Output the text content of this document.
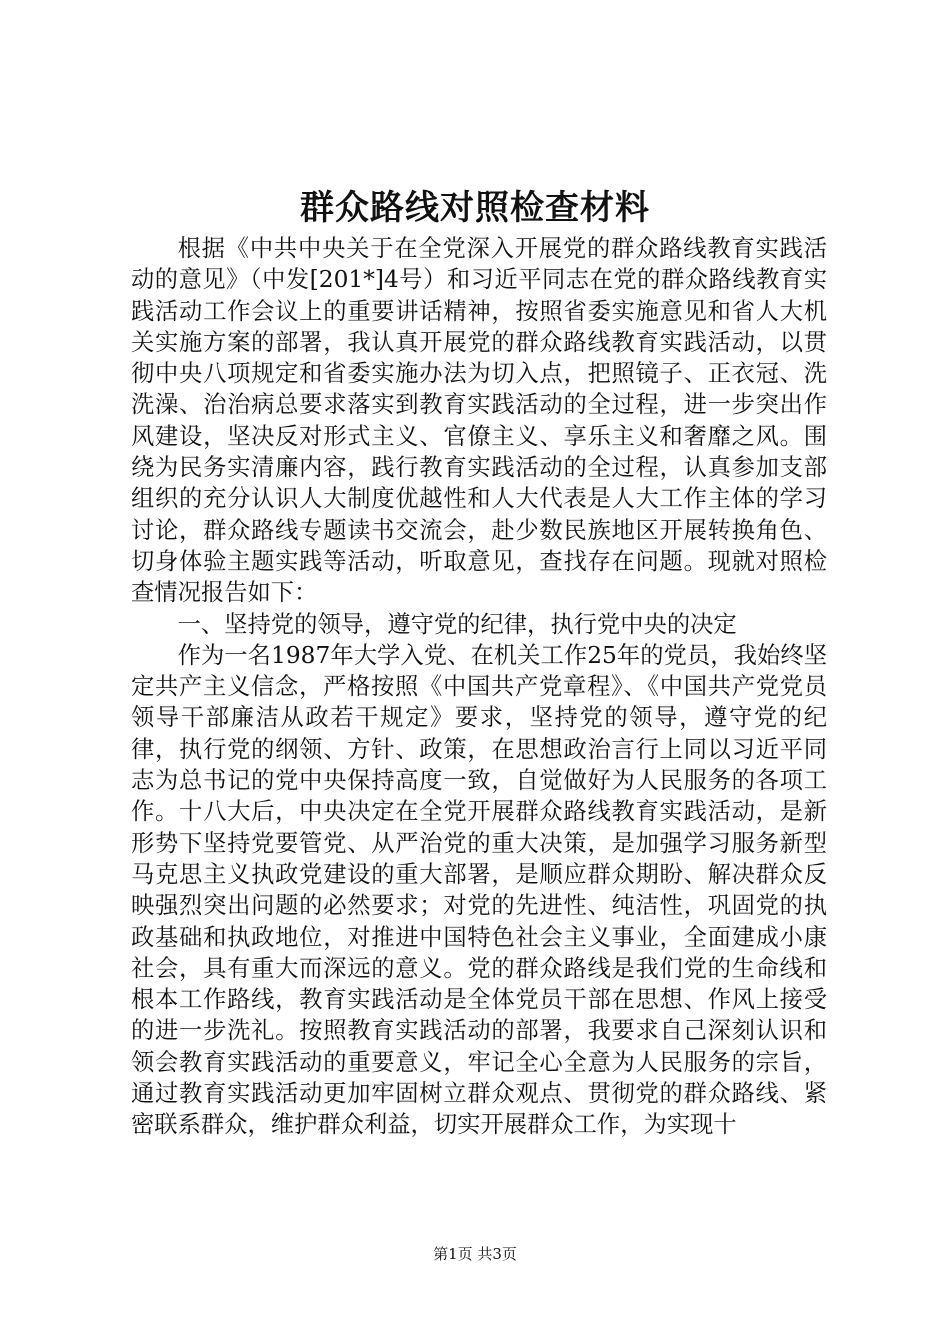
群众路线对照检查材料

根据《中共中央关于在全党深入开展党的群众路线教育实践活动的意见》（中发[201*]4号）和习近平同志在党的群众路线教育实践活动工作会议上的重要讲话精神，按照省委实施意见和省人大机关实施方案的部署，我认真开展党的群众路线教育实践活动，以贯彻中央八项规定和省委实施办法为切入点，把照镜子、正衣冠、洗洗澡、治治病总要求落实到教育实践活动的全过程，进一步突出作风建设，坚决反对形式主义、官僚主义、享乐主义和奢靡之风。围绕为民务实清廉内容，践行教育实践活动的全过程，认真参加支部组织的充分认识人大制度优越性和人大代表是人大工作主体的学习讨论，群众路线专题读书交流会，赴少数民族地区开展转换角色、切身体验主题实践等活动，听取意见，查找存在问题。现就对照检查情况报告如下：

一、坚持党的领导，遵守党的纪律，执行党中央的决定

作为一名1987年大学入党、在机关工作25年的党员，我始终坚定共产主义信念，严格按照《中国共产党章程》、《中国共产党党员领导干部廉洁从政若干规定》要求，坚持党的领导，遵守党的纪律，执行党的纲领、方针、政策，在思想政治言行上同以习近平同志为总书记的党中央保持高度一致，自觉做好为人民服务的各项工作。十八大后，中央决定在全党开展群众路线教育实践活动，是新形势下坚持党要管党、从严治党的重大决策，是加强学习服务新型马克思主义执政党建设的重大部署，是顺应群众期盼、解决群众反映强烈突出问题的必然要求；对党的先进性、纯洁性，巩固党的执政基础和执政地位，对推进中国特色社会主义事业，全面建成小康社会，具有重大而深远的意义。党的群众路线是我们党的生命线和根本工作路线，教育实践活动是全体党员干部在思想、作风上接受的进一步洗礼。按照教育实践活动的部署，我要求自己深刻认识和领会教育实践活动的重要意义，牢记全心全意为人民服务的宗旨，通过教育实践活动更加牢固树立群众观点、贯彻党的群众路线、紧密联系群众，维护群众利益，切实开展群众工作，为实现十

第1页 共3页
